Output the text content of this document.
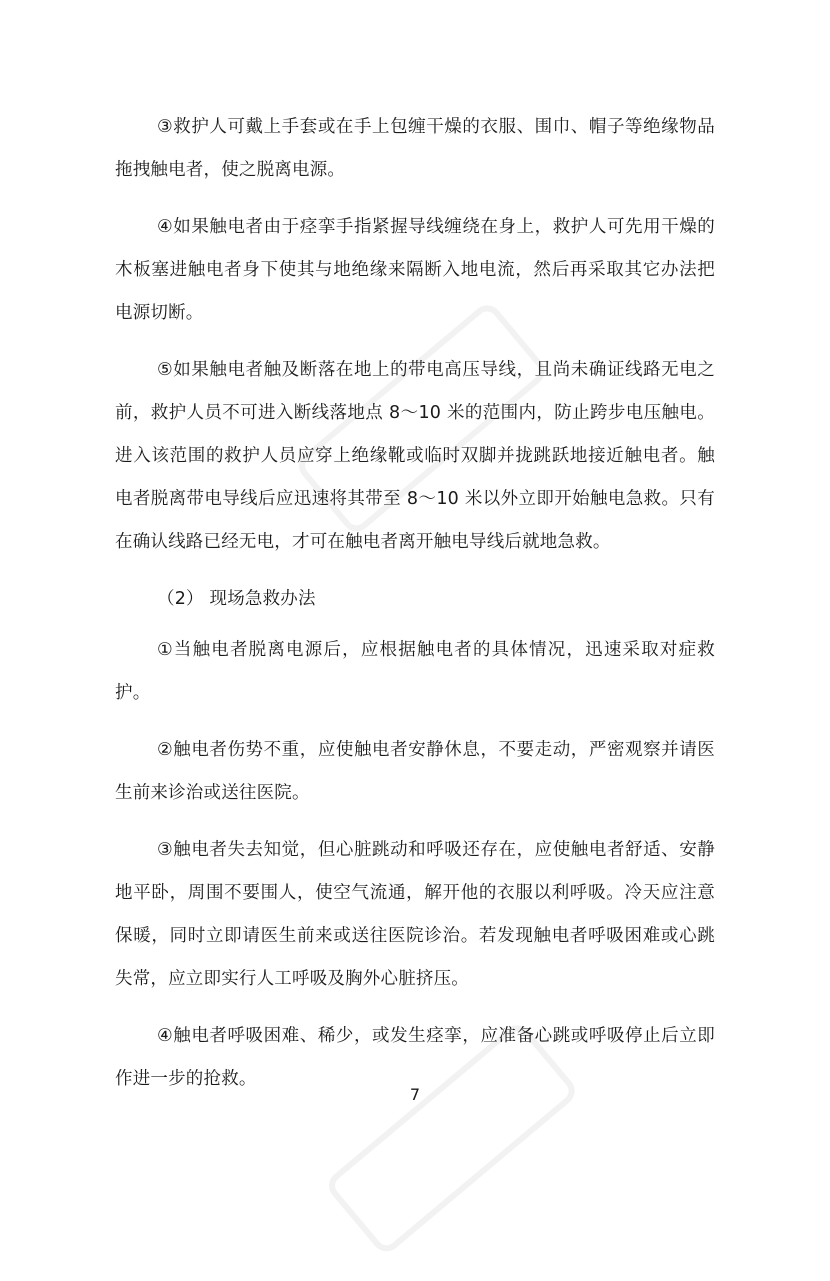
③救护人可戴上手套或在手上包缠干燥的衣服、围巾、帽子等绝缘物品拖拽触电者，使之脱离电源。

④如果触电者由于痉挛手指紧握导线缠绕在身上，救护人可先用干燥的木板塞进触电者身下使其与地绝缘来隔断入地电流，然后再采取其它办法把电源切断。

⑤如果触电者触及断落在地上的带电高压导线，且尚未确证线路无电之前，救护人员不可进入断线落地点 8～10 米的范围内，防止跨步电压触电。进入该范围的救护人员应穿上绝缘靴或临时双脚并拢跳跃地接近触电者。触电者脱离带电导线后应迅速将其带至 8～10 米以外立即开始触电急救。只有在确认线路已经无电，才可在触电者离开触电导线后就地急救。

（2） 现场急救办法

①当触电者脱离电源后，应根据触电者的具体情况，迅速采取对症救护。

②触电者伤势不重，应使触电者安静休息，不要走动，严密观察并请医生前来诊治或送往医院。

③触电者失去知觉，但心脏跳动和呼吸还存在，应使触电者舒适、安静地平卧，周围不要围人，使空气流通，解开他的衣服以利呼吸。冷天应注意保暖，同时立即请医生前来或送往医院诊治。若发现触电者呼吸困难或心跳失常，应立即实行人工呼吸及胸外心脏挤压。

④触电者呼吸困难、稀少，或发生痉挛，应准备心跳或呼吸停止后立即作进一步的抢救。

7
